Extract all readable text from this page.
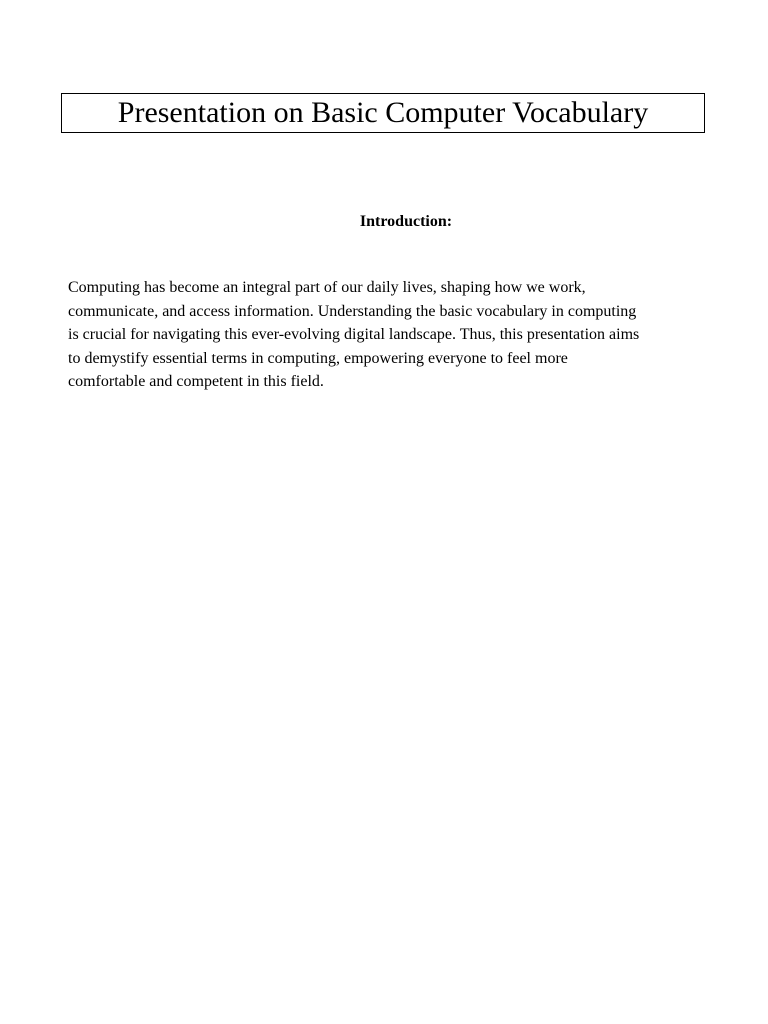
Presentation on Basic Computer Vocabulary
Introduction:

Computing has become an integral part of our daily lives, shaping how we work,
communicate, and access information. Understanding the basic vocabulary in computing
is crucial for navigating this ever-evolving digital landscape. Thus, this presentation aims
to demystify essential terms in computing, empowering everyone to feel more
comfortable and competent in this field.
